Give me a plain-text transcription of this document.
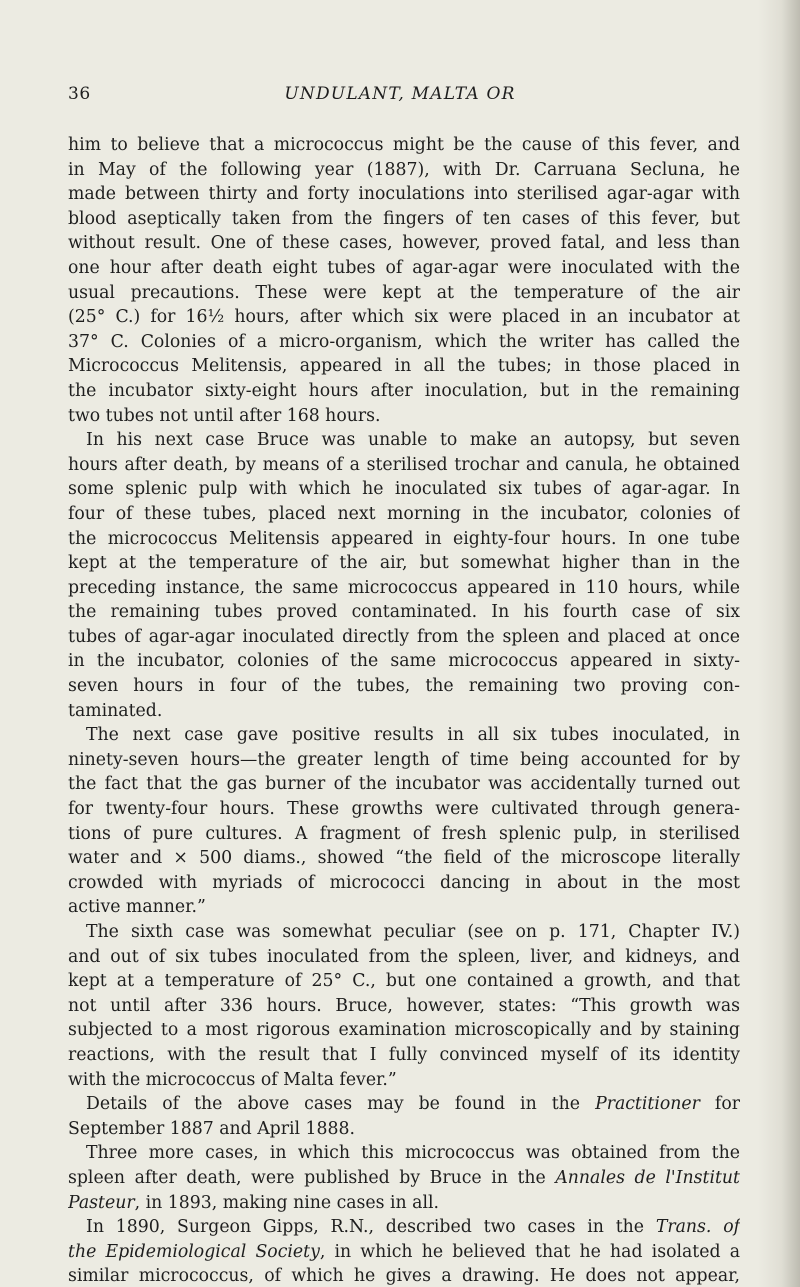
36	UNDULANT, MALTA OR
him to believe that a micrococcus might be the cause of this fever, and
in May of the following year (1887), with Dr. Carruana Secluna, he
made between thirty and forty inoculations into sterilised agar-agar with
blood aseptically taken from the fingers of ten cases of this fever, but
without result. One of these cases, however, proved fatal, and less than
one hour after death eight tubes of agar-agar were inoculated with the
usual precautions. These were kept at the temperature of the air
(25° C.) for 16½ hours, after which six were placed in an incubator at
37° C. Colonies of a micro-organism, which the writer has called the
Micrococcus Melitensis, appeared in all the tubes; in those placed in
the incubator sixty-eight hours after inoculation, but in the remaining
two tubes not until after 168 hours.
In his next case Bruce was unable to make an autopsy, but seven
hours after death, by means of a sterilised trochar and canula, he obtained
some splenic pulp with which he inoculated six tubes of agar-agar. In
four of these tubes, placed next morning in the incubator, colonies of
the micrococcus Melitensis appeared in eighty-four hours. In one tube
kept at the temperature of the air, but somewhat higher than in the
preceding instance, the same micrococcus appeared in 110 hours, while
the remaining tubes proved contaminated. In his fourth case of six
tubes of agar-agar inoculated directly from the spleen and placed at once
in the incubator, colonies of the same micrococcus appeared in sixty-
seven hours in four of the tubes, the remaining two proving con-
taminated.
The next case gave positive results in all six tubes inoculated, in
ninety-seven hours—the greater length of time being accounted for by
the fact that the gas burner of the incubator was accidentally turned out
for twenty-four hours. These growths were cultivated through genera-
tions of pure cultures. A fragment of fresh splenic pulp, in sterilised
water and × 500 diams., showed “the field of the microscope literally
crowded with myriads of micrococci dancing in about in the most
active manner.”
The sixth case was somewhat peculiar (see on p. 171, Chapter IV.)
and out of six tubes inoculated from the spleen, liver, and kidneys, and
kept at a temperature of 25° C., but one contained a growth, and that
not until after 336 hours. Bruce, however, states: “This growth was
subjected to a most rigorous examination microscopically and by staining
reactions, with the result that I fully convinced myself of its identity
with the micrococcus of Malta fever.”
Details of the above cases may be found in the Practitioner for
September 1887 and April 1888.
Three more cases, in which this micrococcus was obtained from the
spleen after death, were published by Bruce in the Annales de l'Institut
Pasteur, in 1893, making nine cases in all.
In 1890, Surgeon Gipps, R.N., described two cases in the Trans. of
the Epidemiological Society, in which he believed that he had isolated a
similar micrococcus, of which he gives a drawing. He does not appear,
